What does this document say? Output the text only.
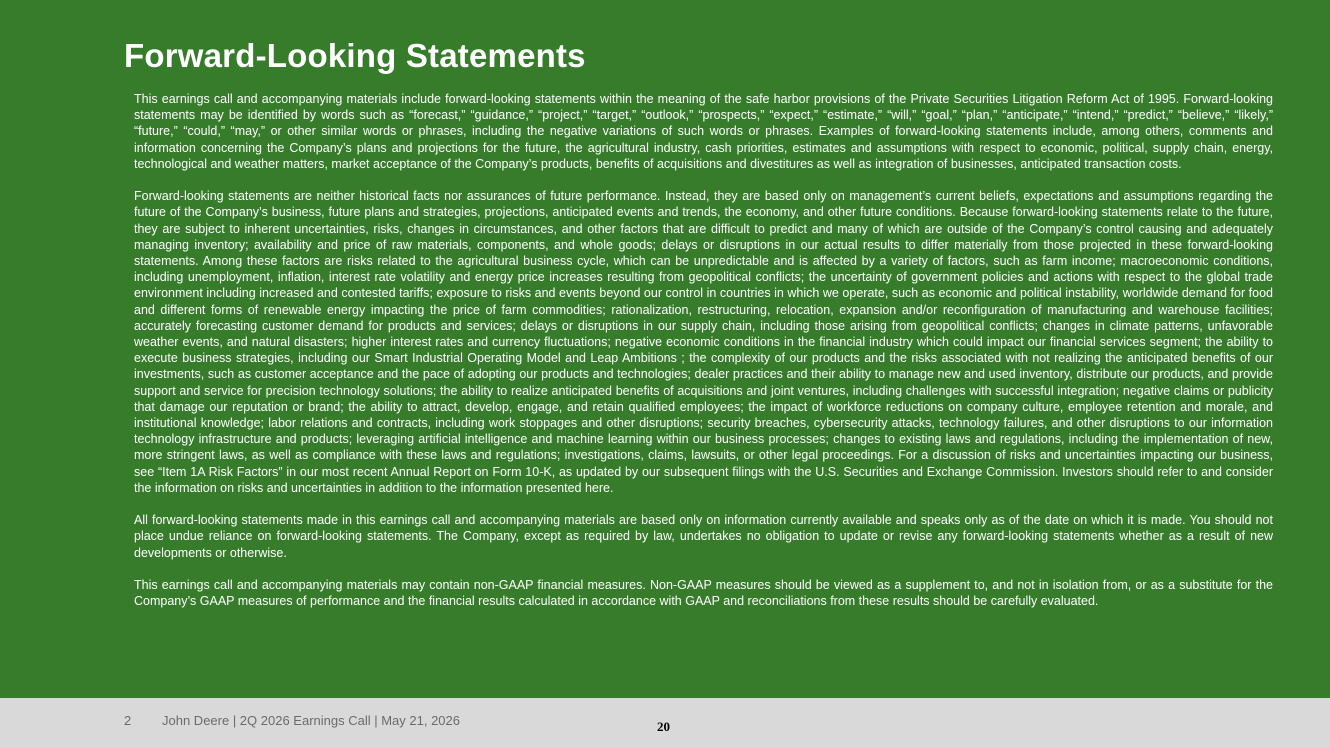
Forward-Looking Statements

This earnings call and accompanying materials include forward-looking statements within the meaning of the safe harbor provisions of the Private Securities Litigation Reform Act of 1995. Forward-looking statements may be identified by words such as “forecast,” “guidance,” “project,” “target,” “outlook,” “prospects,” “expect,” “estimate,” “will,” “goal,” “plan,” “anticipate,” “intend,” “predict,” “believe,” “likely,” “future,” “could,” “may,” or other similar words or phrases, including the negative variations of such words or phrases. Examples of forward-looking statements include, among others, comments and information concerning the Company’s plans and projections for the future, the agricultural industry, cash priorities, estimates and assumptions with respect to economic, political, supply chain, energy, technological and weather matters, market acceptance of the Company’s products, benefits of acquisitions and divestitures as well as integration of businesses, anticipated transaction costs.

Forward-looking statements are neither historical facts nor assurances of future performance. Instead, they are based only on management’s current beliefs, expectations and assumptions regarding the future of the Company’s business, future plans and strategies, projections, anticipated events and trends, the economy, and other future conditions. Because forward-looking statements relate to the future, they are subject to inherent uncertainties, risks, changes in circumstances, and other factors that are difficult to predict and many of which are outside of the Company’s control causing and adequately managing inventory; availability and price of raw materials, components, and whole goods; delays or disruptions in our actual results to differ materially from those projected in these forward-looking statements. Among these factors are risks related to the agricultural business cycle, which can be unpredictable and is affected by a variety of factors, such as farm income; macroeconomic conditions, including unemployment, inflation, interest rate volatility and energy price increases resulting from geopolitical conflicts; the uncertainty of government policies and actions with respect to the global trade environment including increased and contested tariffs; exposure to risks and events beyond our control in countries in which we operate, such as economic and political instability, worldwide demand for food and different forms of renewable energy impacting the price of farm commodities; rationalization, restructuring, relocation, expansion and/or reconfiguration of manufacturing and warehouse facilities; accurately forecasting customer demand for products and services; delays or disruptions in our supply chain, including those arising from geopolitical conflicts; changes in climate patterns, unfavorable weather events, and natural disasters; higher interest rates and currency fluctuations; negative economic conditions in the financial industry which could impact our financial services segment; the ability to execute business strategies, including our Smart Industrial Operating Model and Leap Ambitions ; the complexity of our products and the risks associated with not realizing the anticipated benefits of our investments, such as customer acceptance and the pace of adopting our products and technologies; dealer practices and their ability to manage new and used inventory, distribute our products, and provide support and service for precision technology solutions; the ability to realize anticipated benefits of acquisitions and joint ventures, including challenges with successful integration; negative claims or publicity that damage our reputation or brand; the ability to attract, develop, engage, and retain qualified employees; the impact of workforce reductions on company culture, employee retention and morale, and institutional knowledge; labor relations and contracts, including work stoppages and other disruptions; security breaches, cybersecurity attacks, technology failures, and other disruptions to our information technology infrastructure and products; leveraging artificial intelligence and machine learning within our business processes; changes to existing laws and regulations, including the implementation of new, more stringent laws, as well as compliance with these laws and regulations; investigations, claims, lawsuits, or other legal proceedings. For a discussion of risks and uncertainties impacting our business, see “Item 1A Risk Factors” in our most recent Annual Report on Form 10-K, as updated by our subsequent filings with the U.S. Securities and Exchange Commission. Investors should refer to and consider the information on risks and uncertainties in addition to the information presented here.

All forward-looking statements made in this earnings call and accompanying materials are based only on information currently available and speaks only as of the date on which it is made. You should not place undue reliance on forward-looking statements. The Company, except as required by law, undertakes no obligation to update or revise any forward-looking statements whether as a result of new developments or otherwise.

This earnings call and accompanying materials may contain non-GAAP financial measures. Non-GAAP measures should be viewed as a supplement to, and not in isolation from, or as a substitute for the Company’s GAAP measures of performance and the financial results calculated in accordance with GAAP and reconciliations from these results should be carefully evaluated.

2 John Deere | 2Q 2026 Earnings Call | May 21, 2026	20
